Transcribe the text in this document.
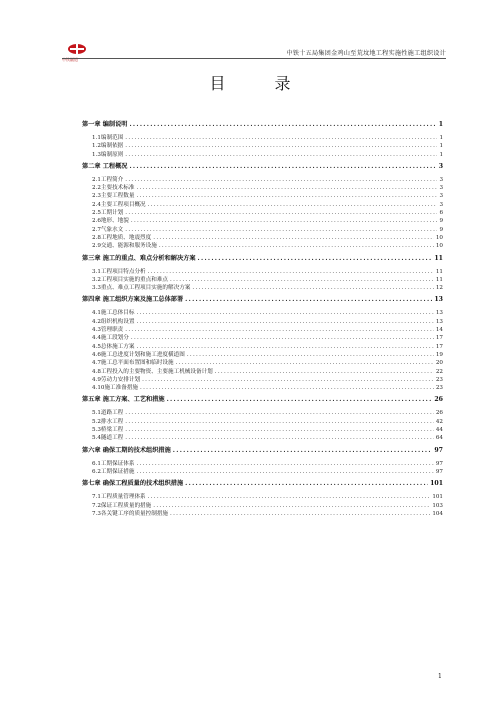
中铁隧道
中铁十五局集团金鸡山至荒坟地工程实施性施工组织设计
目 录
第一章 编制说明 .....	1
1.1编制范围 .....	1
1.2编制依据 .....	1
1.3编制原则 .....	1
第二章 工程概况 .....	3
2.1工程简介 .....	3
2.2主要技术标准 .....	3
2.3主要工程数量 .....	3
2.4主要工程项目概况 .....	3
2.5工期计划 .....	6
2.6地形、地貌 .....	9
2.7气象水文 .....	9
2.8工程地质、地震烈度 .....	10
2.9交通、能源和服务设施 .....	10
第三章 施工的重点、难点分析和解决方案 .....	11
3.1工程项目特点分析 .....	11
3.2工程项目实施的重点和难点 .....	11
3.3重点、难点工程项目实施的解决方案 .....	12
第四章 施工组织方案及施工总体部署 .....	13
4.1施工总体目标 .....	13
4.2组织机构设置 .....	13
4.3管理职责 .....	14
4.4施工段划分 .....	17
4.5总体施工方案 .....	17
4.6施工总进度计划和施工进度横道图 .....	19
4.7施工总平面布置图和临时设施 .....	20
4.8工程投入的主要物资、主要施工机械设备计划 .....	22
4.9劳动力安排计划 .....	23
4.10施工准备措施 .....	23
第五章 施工方案、工艺和措施 .....	26
5.1道路工程 .....	26
5.2排水工程 .....	42
5.3桥梁工程 .....	44
5.4隧道工程 .....	64
第六章 确保工期的技术组织措施 .....	97
6.1工期保证体系 .....	97
6.2工期保证措施 .....	97
第七章 确保工程质量的技术组织措施 .....	101
7.1工程质量管理体系 .....	101
7.2保证工程质量的措施 .....	103
7.3各关键工序的质量控制措施 .....	104
1
